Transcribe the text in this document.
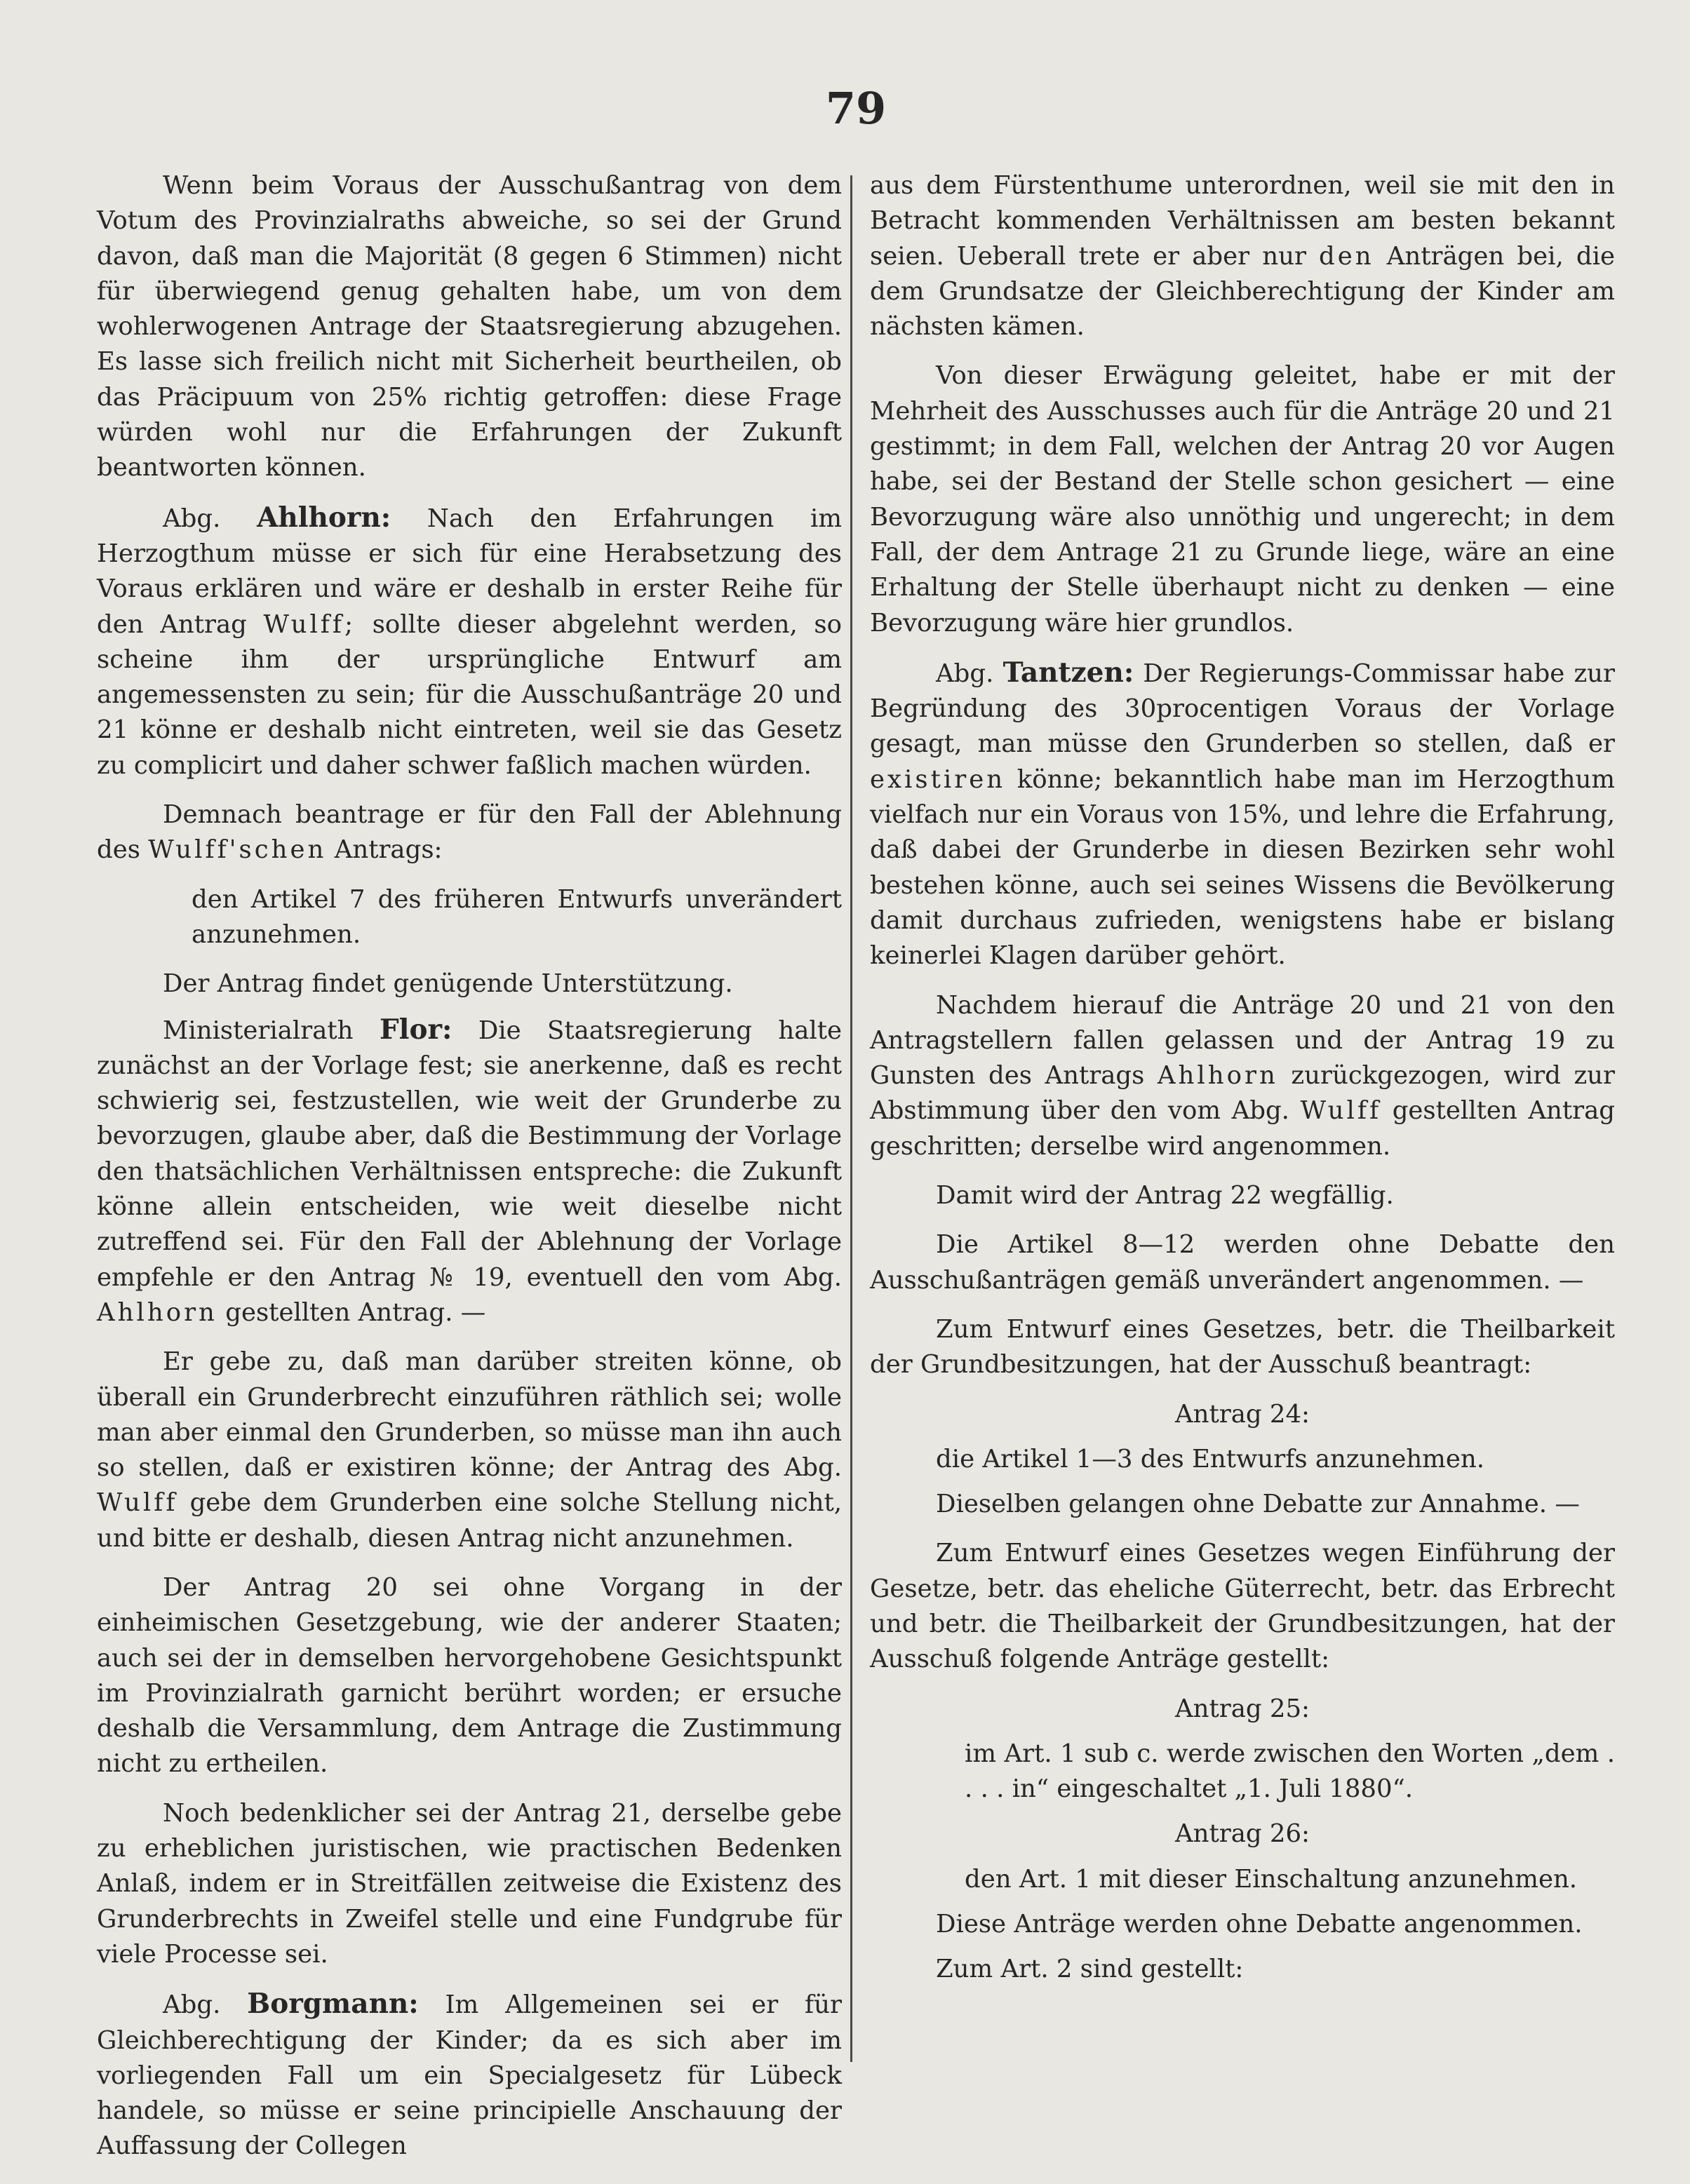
79

Wenn beim Voraus der Ausschußantrag von dem Votum des Provinzialraths abweiche, so sei der Grund davon, daß man die Majorität (8 gegen 6 Stimmen) nicht für überwiegend genug gehalten habe, um von dem wohlerwogenen Antrage der Staatsregierung abzugehen. Es lasse sich freilich nicht mit Sicherheit beurtheilen, ob das Präcipuum von 25% richtig getroffen: diese Frage würden wohl nur die Erfahrungen der Zukunft beantworten können.

Abg. Ahlhorn: Nach den Erfahrungen im Herzogthum müsse er sich für eine Herabsetzung des Voraus erklären und wäre er deshalb in erster Reihe für den Antrag Wulff; sollte dieser abgelehnt werden, so scheine ihm der ursprüngliche Entwurf am angemessensten zu sein; für die Ausschußanträge 20 und 21 könne er deshalb nicht eintreten, weil sie das Gesetz zu complicirt und daher schwer faßlich machen würden.

Demnach beantrage er für den Fall der Ablehnung des Wulff'schen Antrags:

den Artikel 7 des früheren Entwurfs unverändert anzunehmen.

Der Antrag findet genügende Unterstützung.

Ministerialrath Flor: Die Staatsregierung halte zunächst an der Vorlage fest; sie anerkenne, daß es recht schwierig sei, festzustellen, wie weit der Grunderbe zu bevorzugen, glaube aber, daß die Bestimmung der Vorlage den thatsächlichen Verhältnissen entspreche: die Zukunft könne allein entscheiden, wie weit dieselbe nicht zutreffend sei. Für den Fall der Ablehnung der Vorlage empfehle er den Antrag № 19, eventuell den vom Abg. Ahlhorn gestellten Antrag. —

Er gebe zu, daß man darüber streiten könne, ob überall ein Grunderbrecht einzuführen räthlich sei; wolle man aber einmal den Grunderben, so müsse man ihn auch so stellen, daß er existiren könne; der Antrag des Abg. Wulff gebe dem Grunderben eine solche Stellung nicht, und bitte er deshalb, diesen Antrag nicht anzunehmen.

Der Antrag 20 sei ohne Vorgang in der einheimischen Gesetzgebung, wie der anderer Staaten; auch sei der in demselben hervorgehobene Gesichtspunkt im Provinzialrath garnicht berührt worden; er ersuche deshalb die Versammlung, dem Antrage die Zustimmung nicht zu ertheilen.

Noch bedenklicher sei der Antrag 21, derselbe gebe zu erheblichen juristischen, wie practischen Bedenken Anlaß, indem er in Streitfällen zeitweise die Existenz des Grunderbrechts in Zweifel stelle und eine Fundgrube für viele Processe sei.

Abg. Borgmann: Im Allgemeinen sei er für Gleichberechtigung der Kinder; da es sich aber im vorliegenden Fall um ein Specialgesetz für Lübeck handele, so müsse er seine principielle Anschauung der Auffassung der Collegen

aus dem Fürstenthume unterordnen, weil sie mit den in Betracht kommenden Verhältnissen am besten bekannt seien. Ueberall trete er aber nur den Anträgen bei, die dem Grundsatze der Gleichberechtigung der Kinder am nächsten kämen.

Von dieser Erwägung geleitet, habe er mit der Mehrheit des Ausschusses auch für die Anträge 20 und 21 gestimmt; in dem Fall, welchen der Antrag 20 vor Augen habe, sei der Bestand der Stelle schon gesichert — eine Bevorzugung wäre also unnöthig und ungerecht; in dem Fall, der dem Antrage 21 zu Grunde liege, wäre an eine Erhaltung der Stelle überhaupt nicht zu denken — eine Bevorzugung wäre hier grundlos.

Abg. Tantzen: Der Regierungs-Commissar habe zur Begründung des 30procentigen Voraus der Vorlage gesagt, man müsse den Grunderben so stellen, daß er existiren könne; bekanntlich habe man im Herzogthum vielfach nur ein Voraus von 15%, und lehre die Erfahrung, daß dabei der Grunderbe in diesen Bezirken sehr wohl bestehen könne, auch sei seines Wissens die Bevölkerung damit durchaus zufrieden, wenigstens habe er bislang keinerlei Klagen darüber gehört.

Nachdem hierauf die Anträge 20 und 21 von den Antragstellern fallen gelassen und der Antrag 19 zu Gunsten des Antrags Ahlhorn zurückgezogen, wird zur Abstimmung über den vom Abg. Wulff gestellten Antrag geschritten; derselbe wird angenommen.

Damit wird der Antrag 22 wegfällig.

Die Artikel 8—12 werden ohne Debatte den Ausschußanträgen gemäß unverändert angenommen. —

Zum Entwurf eines Gesetzes, betr. die Theilbarkeit der Grundbesitzungen, hat der Ausschuß beantragt:

Antrag 24:

die Artikel 1—3 des Entwurfs anzunehmen.

Dieselben gelangen ohne Debatte zur Annahme. —

Zum Entwurf eines Gesetzes wegen Einführung der Gesetze, betr. das eheliche Güterrecht, betr. das Erbrecht und betr. die Theilbarkeit der Grundbesitzungen, hat der Ausschuß folgende Anträge gestellt:

Antrag 25:

im Art. 1 sub c. werde zwischen den Worten „dem . . . . in“ eingeschaltet „1. Juli 1880“.

Antrag 26:

den Art. 1 mit dieser Einschaltung anzunehmen.

Diese Anträge werden ohne Debatte angenommen.

Zum Art. 2 sind gestellt:
